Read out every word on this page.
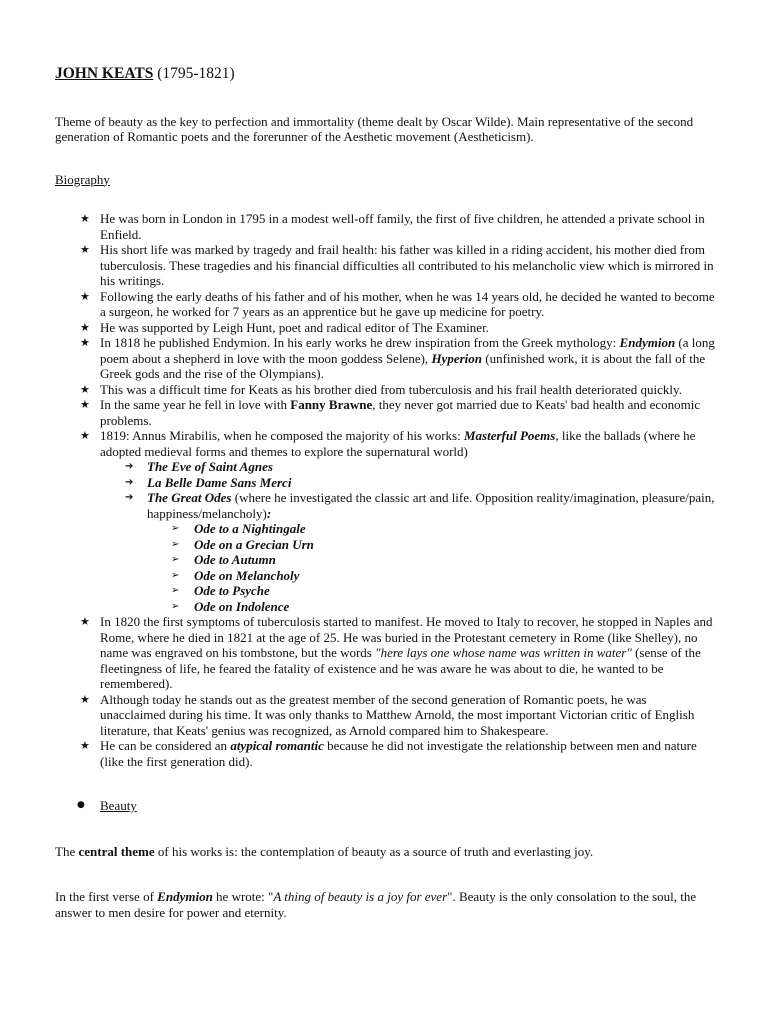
JOHN KEATS (1795-1821)

Theme of beauty as the key to perfection and immortality (theme dealt by Oscar Wilde). Main representative of the second generation of Romantic poets and the forerunner of the Aesthetic movement (Aestheticism).
Biography
★ He was born in London in 1795 in a modest well-off family, the first of five children, he attended a private school in Enfield.
★ His short life was marked by tragedy and frail health: his father was killed in a riding accident, his mother died from tuberculosis. These tragedies and his financial difficulties all contributed to his melancholic view which is mirrored in his writings.
★ Following the early deaths of his father and of his mother, when he was 14 years old, he decided he wanted to become a surgeon, he worked for 7 years as an apprentice but he gave up medicine for poetry.
★ He was supported by Leigh Hunt, poet and radical editor of The Examiner.
★ In 1818 he published Endymion. In his early works he drew inspiration from the Greek mythology: Endymion (a long poem about a shepherd in love with the moon goddess Selene), Hyperion (unfinished work, it is about the fall of the Greek gods and the rise of the Olympians).
★ This was a difficult time for Keats as his brother died from tuberculosis and his frail health deteriorated quickly.
★ In the same year he fell in love with Fanny Brawne, they never got married due to Keats' bad health and economic problems.
★ 1819: Annus Mirabilis, when he composed the majority of his works: Masterful Poems, like the ballads (where he adopted medieval forms and themes to explore the supernatural world)
➔ The Eve of Saint Agnes
➔ La Belle Dame Sans Merci
➔ The Great Odes (where he investigated the classic art and life. Opposition reality/imagination, pleasure/pain, happiness/melancholy):
➢ Ode to a Nightingale
➢ Ode on a Grecian Urn
➢ Ode to Autumn
➢ Ode on Melancholy
➢ Ode to Psyche
➢ Ode on Indolence
★ In 1820 the first symptoms of tuberculosis started to manifest. He moved to Italy to recover, he stopped in Naples and Rome, where he died in 1821 at the age of 25. He was buried in the Protestant cemetery in Rome (like Shelley), no name was engraved on his tombstone, but the words "here lays one whose name was written in water" (sense of the fleetingness of life, he feared the fatality of existence and he was aware he was about to die, he wanted to be remembered).
★ Although today he stands out as the greatest member of the second generation of Romantic poets, he was unacclaimed during his time. It was only thanks to Matthew Arnold, the most important Victorian critic of English literature, that Keats' genius was recognized, as Arnold compared him to Shakespeare.
★ He can be considered an atypical romantic because he did not investigate the relationship between men and nature (like the first generation did).
● Beauty
The central theme of his works is: the contemplation of beauty as a source of truth and everlasting joy.
In the first verse of Endymion he wrote: "A thing of beauty is a joy for ever". Beauty is the only consolation to the soul, the answer to men desire for power and eternity.
